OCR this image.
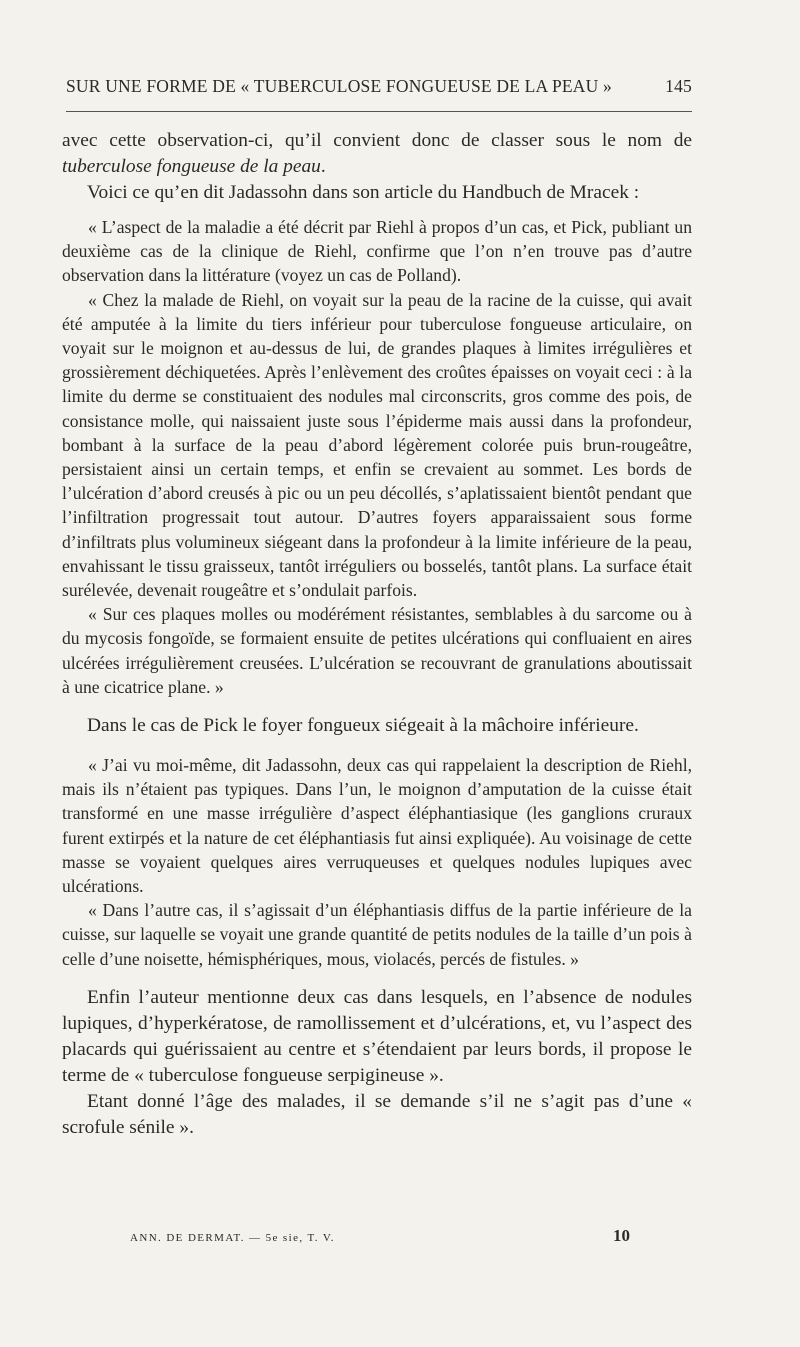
SUR UNE FORME DE « TUBERCULOSE FONGUEUSE DE LA PEAU »	145

avec cette observation-ci, qu’il convient donc de classer sous le nom de tuberculose fongueuse de la peau.

Voici ce qu’en dit Jadassohn dans son article du Handbuch de Mracek :

« L’aspect de la maladie a été décrit par Riehl à propos d’un cas, et Pick, publiant un deuxième cas de la clinique de Riehl, confirme que l’on n’en trouve pas d’autre observation dans la littérature (voyez un cas de Polland).

« Chez la malade de Riehl, on voyait sur la peau de la racine de la cuisse, qui avait été amputée à la limite du tiers inférieur pour tuberculose fongueuse articulaire, on voyait sur le moignon et au-dessus de lui, de grandes plaques à limites irrégulières et grossièrement déchiquetées. Après l’enlèvement des croûtes épaisses on voyait ceci : à la limite du derme se constituaient des nodules mal circonscrits, gros comme des pois, de consistance molle, qui naissaient juste sous l’épiderme mais aussi dans la profondeur, bombant à la surface de la peau d’abord légèrement colorée puis brun-rougeâtre, persistaient ainsi un certain temps, et enfin se crevaient au sommet. Les bords de l’ulcération d’abord creusés à pic ou un peu décollés, s’aplatissaient bientôt pendant que l’infiltration progressait tout autour. D’autres foyers apparaissaient sous forme d’infiltrats plus volumineux siégeant dans la profondeur à la limite inférieure de la peau, envahissant le tissu graisseux, tantôt irréguliers ou bosselés, tantôt plans. La surface était surélevée, devenait rougeâtre et s’ondulait parfois.

« Sur ces plaques molles ou modérément résistantes, semblables à du sarcome ou à du mycosis fongoïde, se formaient ensuite de petites ulcérations qui confluaient en aires ulcérées irrégulièrement creusées. L’ulcération se recouvrant de granulations aboutissait à une cicatrice plane. »

Dans le cas de Pick le foyer fongueux siégeait à la mâchoire inférieure.

« J’ai vu moi-même, dit Jadassohn, deux cas qui rappelaient la description de Riehl, mais ils n’étaient pas typiques. Dans l’un, le moignon d’amputation de la cuisse était transformé en une masse irrégulière d’aspect éléphantiasique (les ganglions cruraux furent extirpés et la nature de cet éléphantiasis fut ainsi expliquée). Au voisinage de cette masse se voyaient quelques aires verruqueuses et quelques nodules lupiques avec ulcérations.

« Dans l’autre cas, il s’agissait d’un éléphantiasis diffus de la partie inférieure de la cuisse, sur laquelle se voyait une grande quantité de petits nodules de la taille d’un pois à celle d’une noisette, hémisphériques, mous, violacés, percés de fistules. »

Enfin l’auteur mentionne deux cas dans lesquels, en l’absence de nodules lupiques, d’hyperkératose, de ramollissement et d’ulcérations, et, vu l’aspect des placards qui guérissaient au centre et s’étendaient par leurs bords, il propose le terme de « tuberculose fongueuse serpigineuse ».

Etant donné l’âge des malades, il se demande s’il ne s’agit pas d’une « scrofule sénile ».

ANN. DE DERMAT. — 5e sie, T. V.	10
